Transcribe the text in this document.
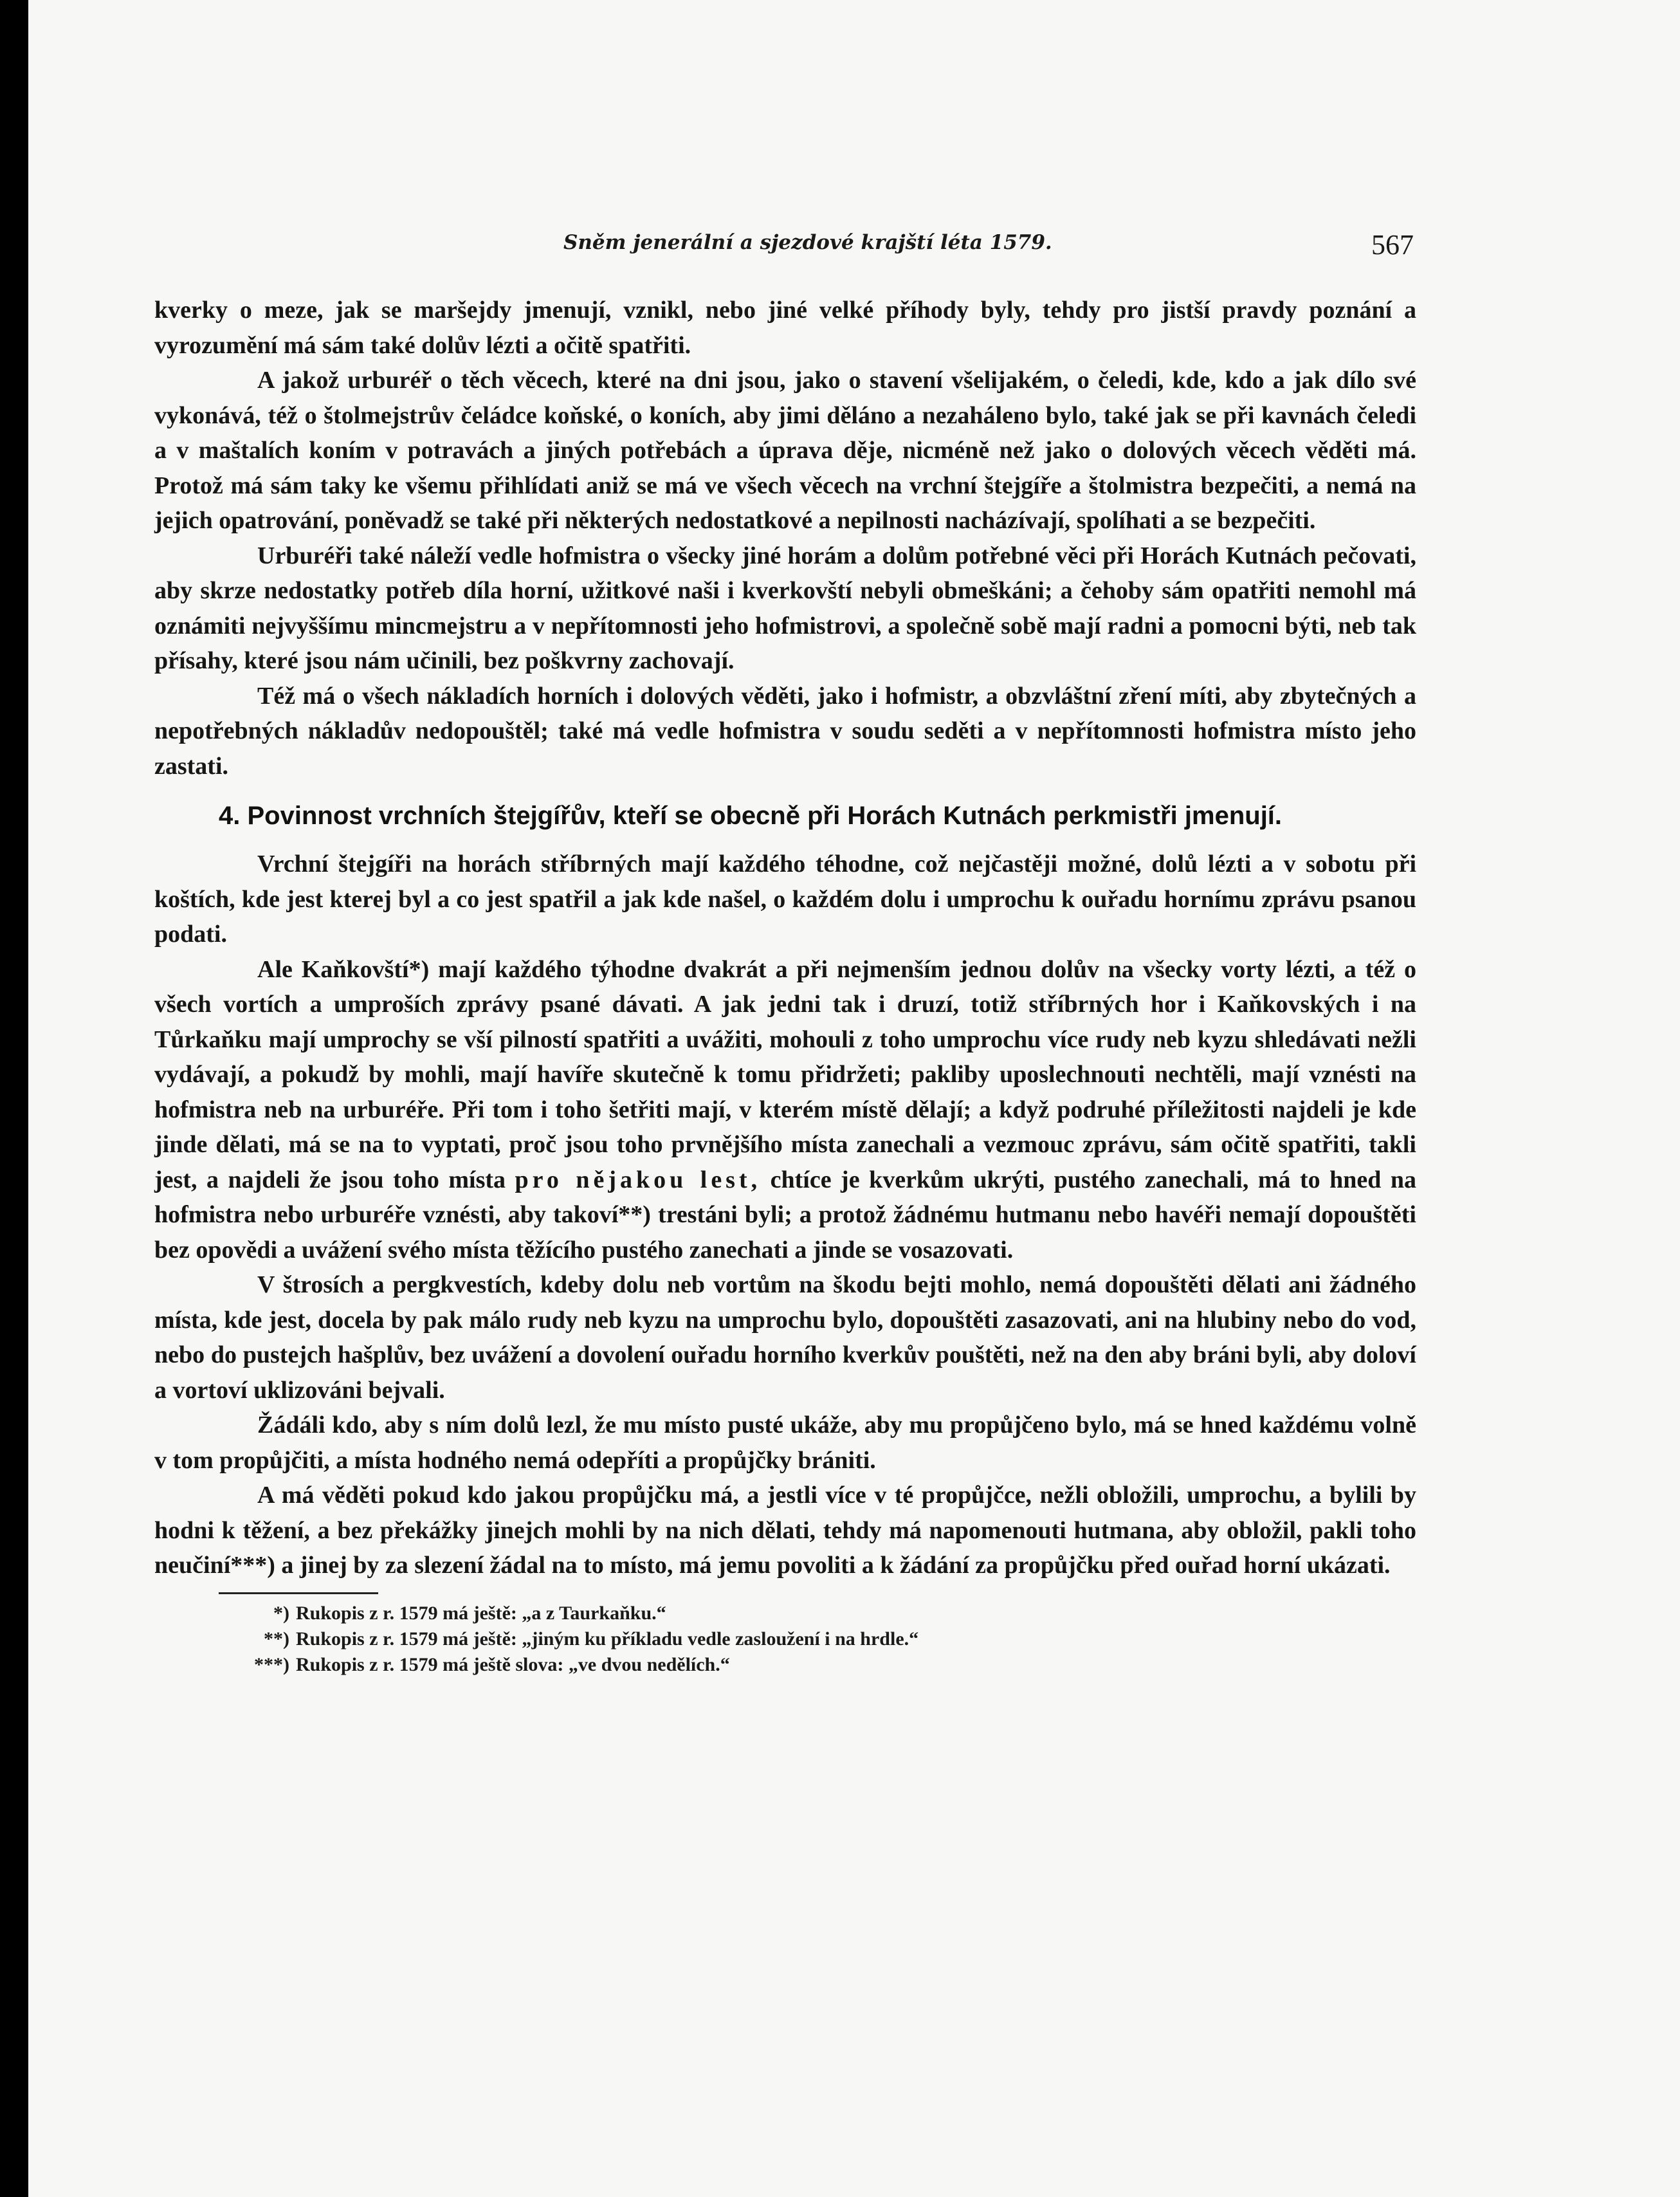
Sněm jenerální a sjezdové krajští léta 1579.	567

kverky o meze, jak se maršejdy jmenují, vznikl, nebo jiné velké příhody byly, tehdy pro jistší pravdy poznání a vyrozumění má sám také dolův lézti a očitě spatřiti.

A jakož urburéř o těch věcech, které na dni jsou, jako o stavení všelijakém, o čeledi, kde, kdo a jak dílo své vykonává, též o štolmejstrův čeládce koňské, o koních, aby jimi děláno a nezaháleno bylo, také jak se při kavnách čeledi a v maštalích koním v potravách a jiných potřebách a úprava děje, nicméně než jako o dolových věcech věděti má. Protož má sám taky ke všemu přihlídati aniž se má ve všech věcech na vrchní štejgíře a štolmistra bezpečiti, a nemá na jejich opatrování, poněvadž se také při některých nedostatkové a nepilnosti nacházívají, spolíhati a se bezpečiti.

Urburéři také náleží vedle hofmistra o všecky jiné horám a dolům potřebné věci při Horách Kutnách pečovati, aby skrze nedostatky potřeb díla horní, užitkové naši i kverkovští nebyli obmeškáni; a čehoby sám opatřiti nemohl má oznámiti nejvyššímu mincmejstru a v nepřítomnosti jeho hofmistrovi, a společně sobě mají radni a pomocni býti, neb tak přísahy, které jsou nám učinili, bez poškvrny zachovají.

Též má o všech nákladích horních i dolových věděti, jako i hofmistr, a obzvláštní zření míti, aby zbytečných a nepotřebných nákladův nedopouštěl; také má vedle hofmistra v soudu seděti a v nepřítomnosti hofmistra místo jeho zastati.

4. Povinnost vrchních štejgířův, kteří se obecně při Horách Kutnách perkmistři jmenují.

Vrchní štejgíři na horách stříbrných mají každého téhodne, což nejčastěji možné, dolů lézti a v sobotu při koštích, kde jest kterej byl a co jest spatřil a jak kde našel, o každém dolu i umprochu k ouřadu hornímu zprávu psanou podati.

Ale Kaňkovští*) mají každého týhodne dvakrát a při nejmenším jednou dolův na všecky vorty lézti, a též o všech vortích a umproších zprávy psané dávati. A jak jedni tak i druzí, totiž stříbrných hor i Kaňkovských i na Tůrkaňku mají umprochy se vší pilností spatřiti a uvážiti, mohouli z toho umprochu více rudy neb kyzu shledávati nežli vydávají, a pokudž by mohli, mají havíře skutečně k tomu přidržeti; pakliby uposlechnouti nechtěli, mají vznésti na hofmistra neb na urburéře. Při tom i toho šetřiti mají, v kterém místě dělají; a když podruhé příležitosti najdeli je kde jinde dělati, má se na to vyptati, proč jsou toho prvnějšího místa zanechali a vezmouc zprávu, sám očitě spatřiti, takli jest, a najdeli že jsou toho místa pro nějakou lest, chtíce je kverkům ukrýti, pustého zanechali, má to hned na hofmistra nebo urburéře vznésti, aby takoví**) trestáni byli; a protož žádnému hutmanu nebo havéři nemají dopouštěti bez opovědi a uvážení svého místa těžícího pustého zanechati a jinde se vosazovati.

V štrosích a pergkvestích, kdeby dolu neb vortům na škodu bejti mohlo, nemá dopouštěti dělati ani žádného místa, kde jest, docela by pak málo rudy neb kyzu na umprochu bylo, dopouštěti zasazovati, ani na hlubiny nebo do vod, nebo do pustejch hašplův, bez uvážení a dovolení ouřadu horního kverkův pouštěti, než na den aby bráni byli, aby doloví a vortoví uklizováni bejvali.

Žádáli kdo, aby s ním dolů lezl, že mu místo pusté ukáže, aby mu propůjčeno bylo, má se hned každému volně v tom propůjčiti, a místa hodného nemá odepříti a propůjčky brániti.

A má věděti pokud kdo jakou propůjčku má, a jestli více v té propůjčce, nežli obložili, umprochu, a bylili by hodni k těžení, a bez překážky jinejch mohli by na nich dělati, tehdy má napomenouti hutmana, aby obložil, pakli toho neučiní***) a jinej by za slezení žádal na to místo, má jemu povoliti a k žádání za propůjčku před ouřad horní ukázati.

*) Rukopis z r. 1579 má ještě: „a z Taurkaňku.“
**) Rukopis z r. 1579 má ještě: „jiným ku příkladu vedle zasloužení i na hrdle.“
***) Rukopis z r. 1579 má ještě slova: „ve dvou nedělích.“
